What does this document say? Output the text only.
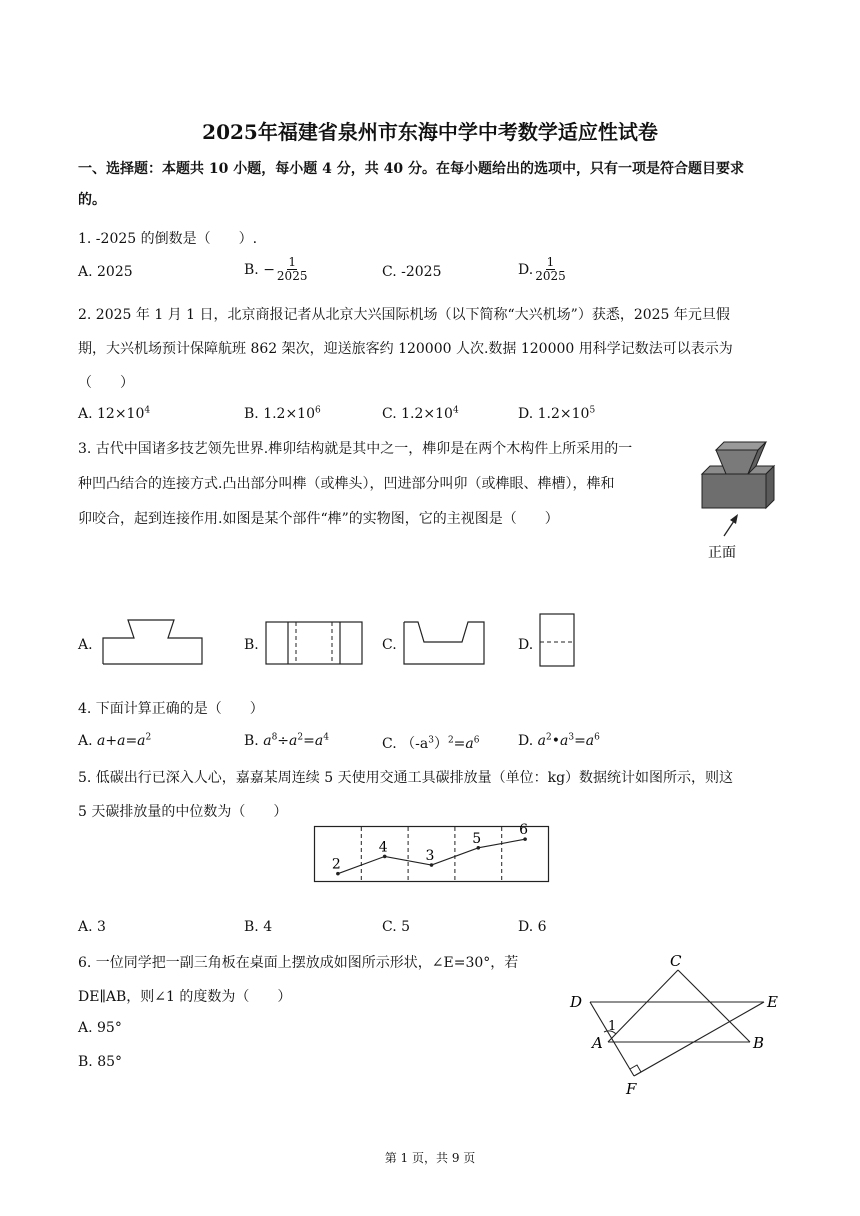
2025年福建省泉州市东海中学中考数学适应性试卷
一、选择题：本题共 10 小题，每小题 4 分，共 40 分。在每小题给出的选项中，只有一项是符合题目要求
的。
1. -2025 的倒数是（　　）.
A. 2025	B. − $\frac{1}{2025}$	C. -2025	D. $\frac{1}{2025}$
2. 2025 年 1 月 1 日，北京商报记者从北京大兴国际机场（以下简称“大兴机场”）获悉，2025 年元旦假
期，大兴机场预计保障航班 862 架次，迎送旅客约 120000 人次.数据 120000 用科学记数法可以表示为
（　　）
A. $12\times 10^4$	B. $1.2\times 10^6$	C. $1.2\times 10^4$	D. $1.2\times 10^5$
3. 古代中国诸多技艺领先世界.榫卯结构就是其中之一，榫卯是在两个木构件上所采用的一
种凹凸结合的连接方式.凸出部分叫榫（或榫头），凹进部分叫卯（或榫眼、榫槽），榫和
卯咬合，起到连接作用.如图是某个部件“榫”的实物图，它的主视图是（　　）
正面
A.	B.	C.	D.
4. 下面计算正确的是（　　）
A. $a+a=a^2$	B. $a^8\div a^2=a^4$	C. $(-a^3)^2=a^6$	D. $a^2•a^3=a^6$
5. 低碳出行已深入人心，嘉嘉某周连续 5 天使用交通工具碳排放量（单位：kg）数据统计如图所示，则这
5 天碳排放量的中位数为（　　）
2
4
3
5
6
A. 3	B. 4	C. 5	D. 6
6. 一位同学把一副三角板在桌面上摆放成如图所示形状，∠E=30°，若
DE∥AB，则∠1 的度数为（　　）
A. 95°
B. 85°
C
D	E
A	B
F
1
第 1 页，共 9 页
